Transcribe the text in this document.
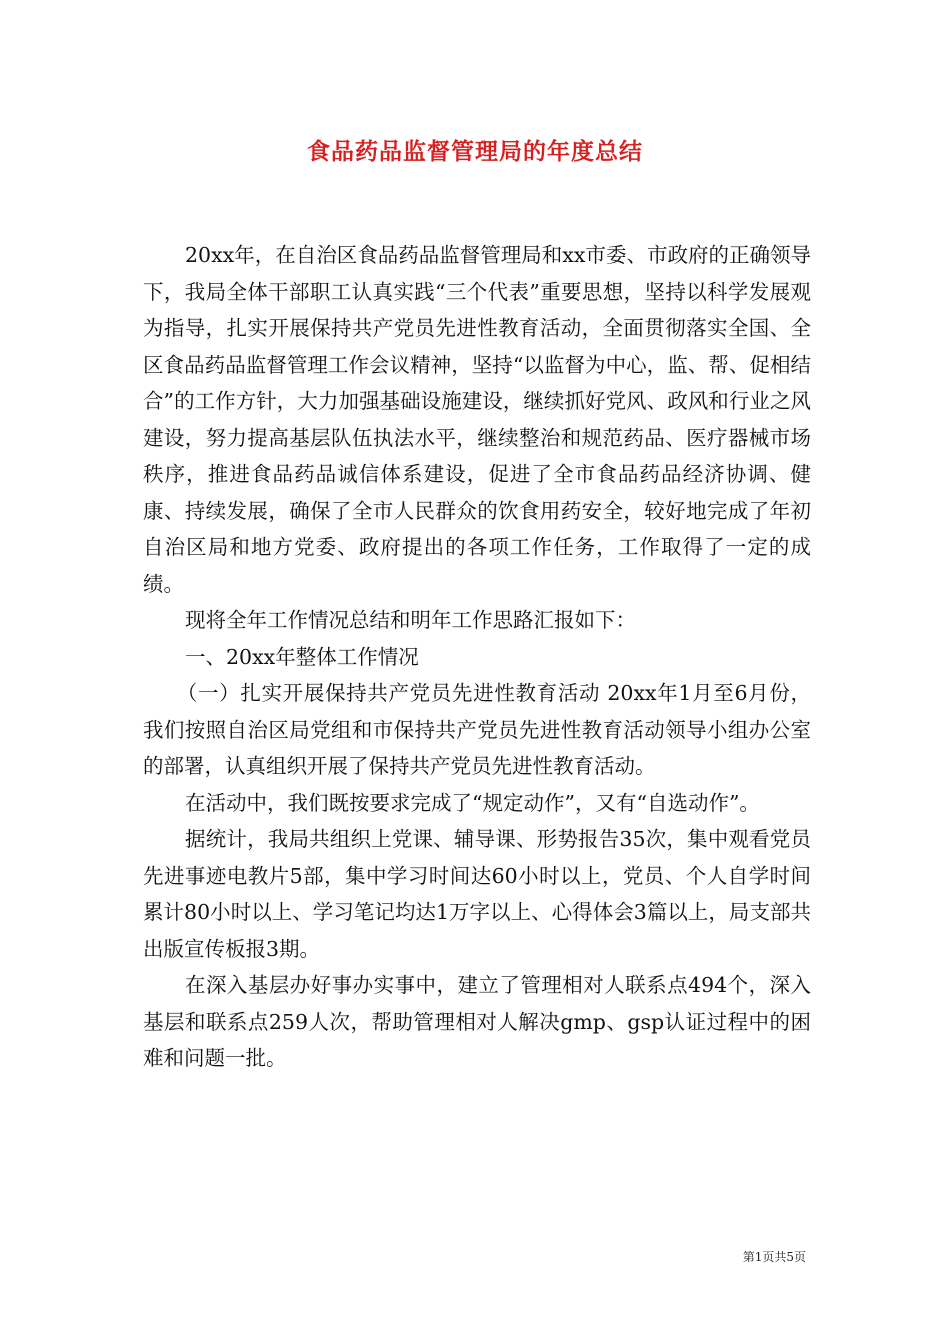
食品药品监督管理局的年度总结

20xx年，在自治区食品药品监督管理局和xx市委、市政府的正确领导下，我局全体干部职工认真实践“三个代表”重要思想，坚持以科学发展观为指导，扎实开展保持共产党员先进性教育活动，全面贯彻落实全国、全区食品药品监督管理工作会议精神，坚持“以监督为中心，监、帮、促相结合”的工作方针，大力加强基础设施建设，继续抓好党风、政风和行业之风建设，努力提高基层队伍执法水平，继续整治和规范药品、医疗器械市场秩序，推进食品药品诚信体系建设，促进了全市食品药品经济协调、健康、持续发展，确保了全市人民群众的饮食用药安全，较好地完成了年初自治区局和地方党委、政府提出的各项工作任务，工作取得了一定的成绩。

现将全年工作情况总结和明年工作思路汇报如下：

一、20xx年整体工作情况

（一）扎实开展保持共产党员先进性教育活动 20xx年1月至6月份，我们按照自治区局党组和市保持共产党员先进性教育活动领导小组办公室的部署，认真组织开展了保持共产党员先进性教育活动。

在活动中，我们既按要求完成了“规定动作”，又有“自选动作”。

据统计，我局共组织上党课、辅导课、形势报告35次，集中观看党员先进事迹电教片5部，集中学习时间达60小时以上，党员、个人自学时间累计80小时以上、学习笔记均达1万字以上、心得体会3篇以上，局支部共出版宣传板报3期。

在深入基层办好事办实事中，建立了管理相对人联系点494个，深入基层和联系点259人次，帮助管理相对人解决gmp、gsp认证过程中的困难和问题一批。

第1页共5页
